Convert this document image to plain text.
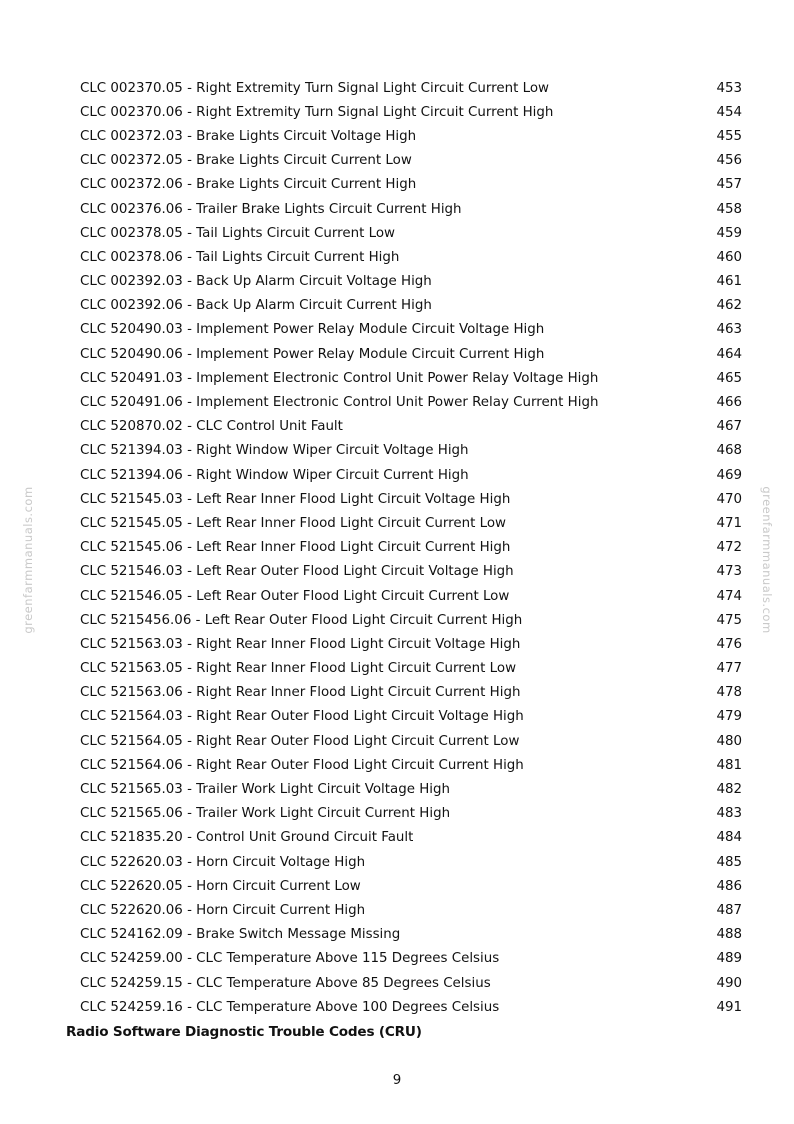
CLC 002370.05 - Right Extremity Turn Signal Light Circuit Current Low	453
CLC 002370.06 - Right Extremity Turn Signal Light Circuit Current High	454
CLC 002372.03 - Brake Lights Circuit Voltage High	455
CLC 002372.05 - Brake Lights Circuit Current Low	456
CLC 002372.06 - Brake Lights Circuit Current High	457
CLC 002376.06 - Trailer Brake Lights Circuit Current High	458
CLC 002378.05 - Tail Lights Circuit Current Low	459
CLC 002378.06 - Tail Lights Circuit Current High	460
CLC 002392.03 - Back Up Alarm Circuit Voltage High	461
CLC 002392.06 - Back Up Alarm Circuit Current High	462
CLC 520490.03 - Implement Power Relay Module Circuit Voltage High	463
CLC 520490.06 - Implement Power Relay Module Circuit Current High	464
CLC 520491.03 - Implement Electronic Control Unit Power Relay Voltage High	465
CLC 520491.06 - Implement Electronic Control Unit Power Relay Current High	466
CLC 520870.02 - CLC Control Unit Fault	467
CLC 521394.03 - Right Window Wiper Circuit Voltage High	468
CLC 521394.06 - Right Window Wiper Circuit Current High	469
CLC 521545.03 - Left Rear Inner Flood Light Circuit Voltage High	470
CLC 521545.05 - Left Rear Inner Flood Light Circuit Current Low	471
CLC 521545.06 - Left Rear Inner Flood Light Circuit Current High	472
CLC 521546.03 - Left Rear Outer Flood Light Circuit Voltage High	473
CLC 521546.05 - Left Rear Outer Flood Light Circuit Current Low	474
CLC 5215456.06 - Left Rear Outer Flood Light Circuit Current High	475
CLC 521563.03 - Right Rear Inner Flood Light Circuit Voltage High	476
CLC 521563.05 - Right Rear Inner Flood Light Circuit Current Low	477
CLC 521563.06 - Right Rear Inner Flood Light Circuit Current High	478
CLC 521564.03 - Right Rear Outer Flood Light Circuit Voltage High	479
CLC 521564.05 - Right Rear Outer Flood Light Circuit Current Low	480
CLC 521564.06 - Right Rear Outer Flood Light Circuit Current High	481
CLC 521565.03 - Trailer Work Light Circuit Voltage High	482
CLC 521565.06 - Trailer Work Light Circuit Current High	483
CLC 521835.20 - Control Unit Ground Circuit Fault	484
CLC 522620.03 - Horn Circuit Voltage High	485
CLC 522620.05 - Horn Circuit Current Low	486
CLC 522620.06 - Horn Circuit Current High	487
CLC 524162.09 - Brake Switch Message Missing	488
CLC 524259.00 - CLC Temperature Above 115 Degrees Celsius	489
CLC 524259.15 - CLC Temperature Above 85 Degrees Celsius	490
CLC 524259.16 - CLC Temperature Above 100 Degrees Celsius	491
Radio Software Diagnostic Trouble Codes (CRU)
9
greenfarmmanuals.com	greenfarmmanuals.com
